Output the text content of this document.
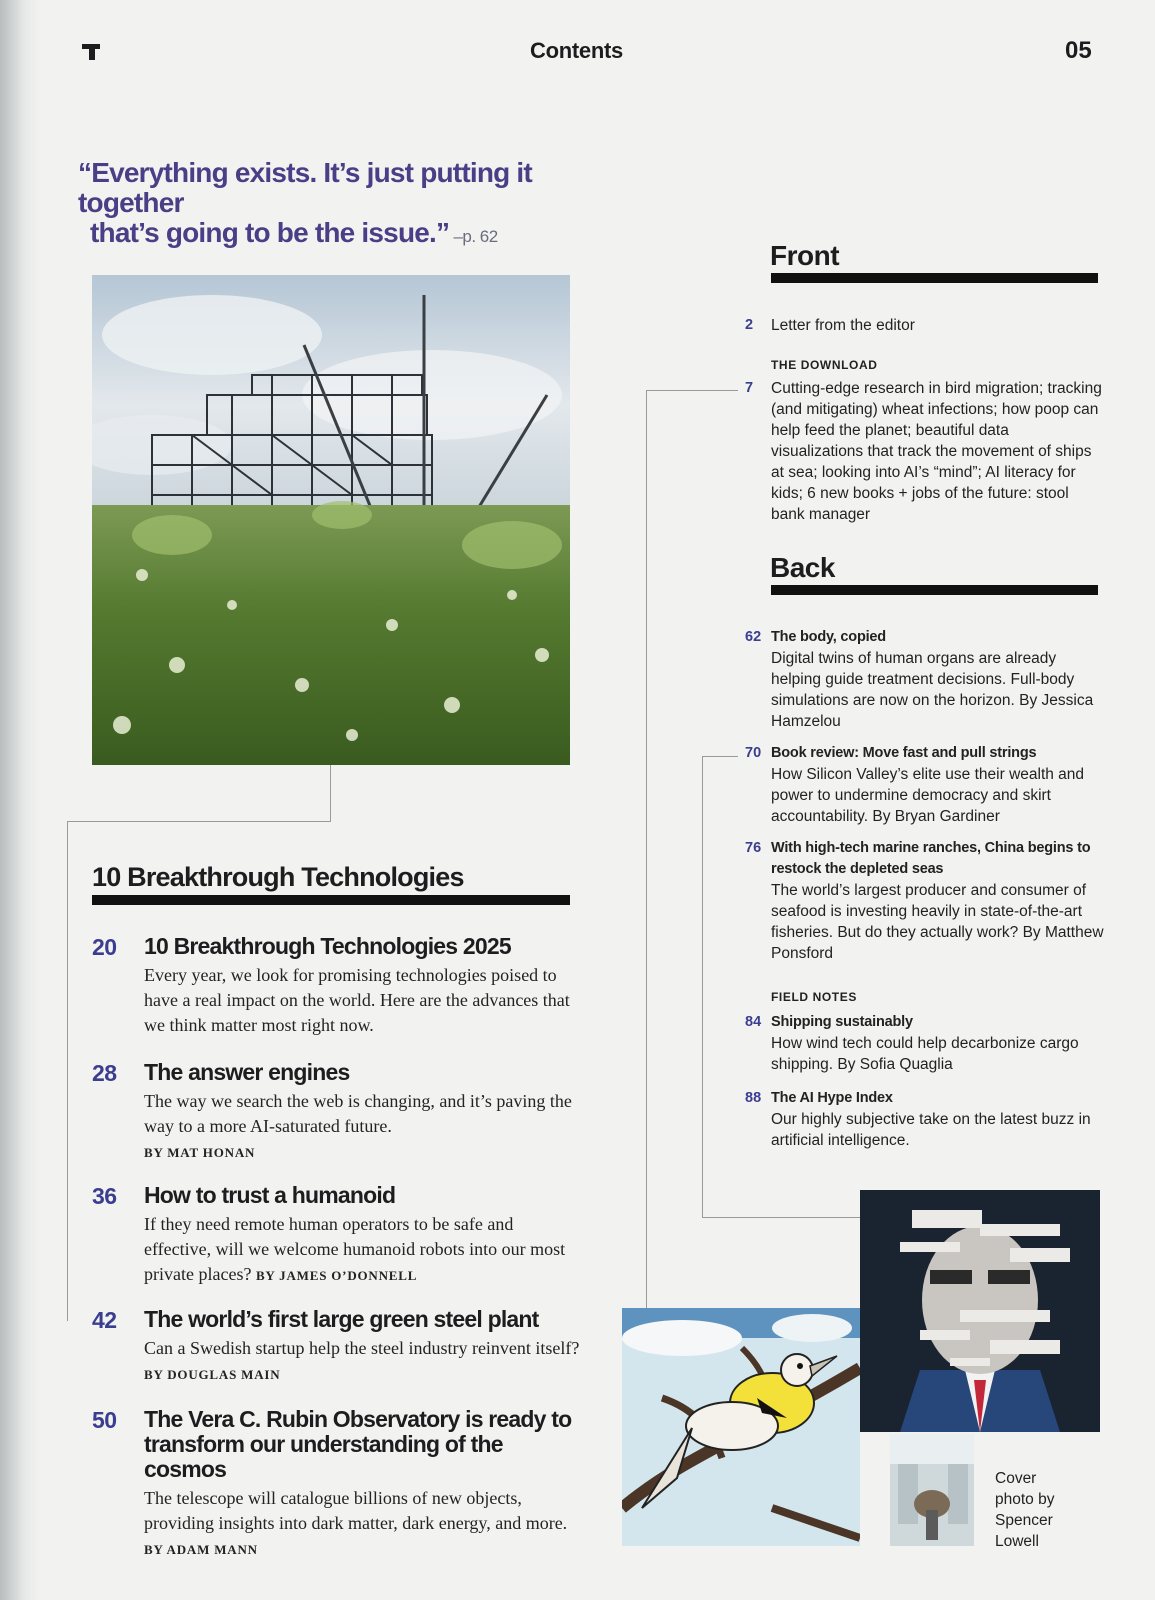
Contents	05
“Everything exists. It’s just putting it together
that’s going to be the issue.” –p. 62
10 Breakthrough Technologies
20 10 Breakthrough Technologies 2025
Every year, we look for promising technologies poised to have a real impact on the world. Here are the advances that we think matter most right now.
28 The answer engines
The way we search the web is changing, and it’s paving the way to a more AI-saturated future.
BY MAT HONAN
36 How to trust a humanoid
If they need remote human operators to be safe and effective, will we welcome humanoid robots into our most private places? BY JAMES O’DONNELL
42 The world’s first large green steel plant
Can a Swedish startup help the steel industry reinvent itself? BY DOUGLAS MAIN
50 The Vera C. Rubin Observatory is ready to transform our understanding of the cosmos
The telescope will catalogue billions of new objects, providing insights into dark matter, dark energy, and more. BY ADAM MANN
Front
2 Letter from the editor
THE DOWNLOAD
7 Cutting-edge research in bird migration; tracking (and mitigating) wheat infections; how poop can help feed the planet; beautiful data visualizations that track the movement of ships at sea; looking into AI’s “mind”; AI literacy for kids; 6 new books + jobs of the future: stool bank manager
Back
62 The body, copied
Digital twins of human organs are already helping guide treatment decisions. Full-body simulations are now on the horizon. By Jessica Hamzelou
70 Book review: Move fast and pull strings
How Silicon Valley’s elite use their wealth and power to undermine democracy and skirt accountability. By Bryan Gardiner
76 With high-tech marine ranches, China begins to restock the depleted seas
The world’s largest producer and consumer of seafood is investing heavily in state-of-the-art fisheries. But do they actually work? By Matthew Ponsford
FIELD NOTES
84 Shipping sustainably
How wind tech could help decarbonize cargo shipping. By Sofia Quaglia
88 The AI Hype Index
Our highly subjective take on the latest buzz in artificial intelligence.
Cover photo by Spencer Lowell
